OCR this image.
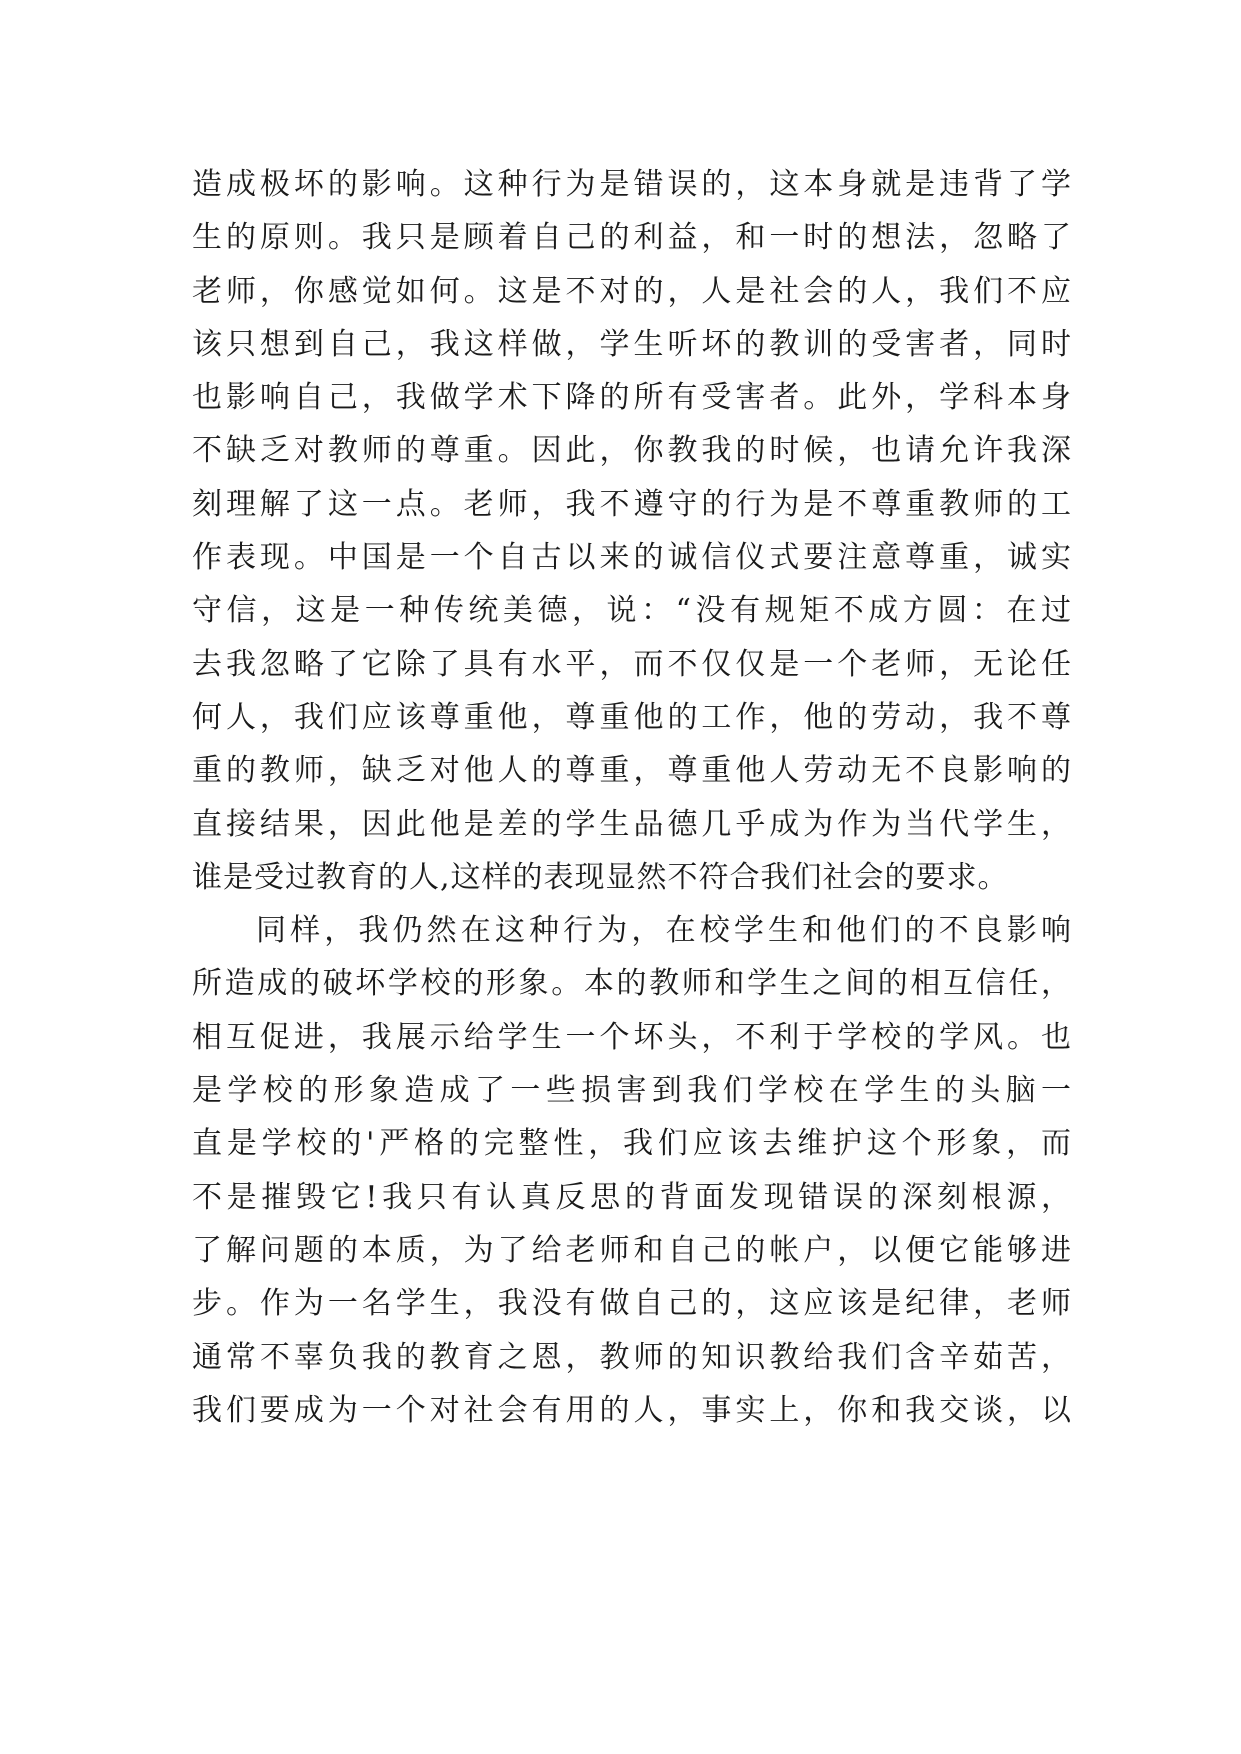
造成极坏的影响。这种行为是错误的，这本身就是违背了学
生的原则。我只是顾着自己的利益，和一时的想法，忽略了
老师，你感觉如何。这是不对的，人是社会的人，我们不应
该只想到自己，我这样做，学生听坏的教训的受害者，同时
也影响自己，我做学术下降的所有受害者。此外，学科本身
不缺乏对教师的尊重。因此，你教我的时候，也请允许我深
刻理解了这一点。老师，我不遵守的行为是不尊重教师的工
作表现。中国是一个自古以来的诚信仪式要注意尊重，诚实
守信，这是一种传统美德，说：“没有规矩不成方圆：在过
去我忽略了它除了具有水平，而不仅仅是一个老师，无论任
何人，我们应该尊重他，尊重他的工作，他的劳动，我不尊
重的教师，缺乏对他人的尊重，尊重他人劳动无不良影响的
直接结果，因此他是差的学生品德几乎成为作为当代学生，
谁是受过教育的人,这样的表现显然不符合我们社会的要求。
同样，我仍然在这种行为，在校学生和他们的不良影响
所造成的破坏学校的形象。本的教师和学生之间的相互信任，
相互促进，我展示给学生一个坏头，不利于学校的学风。也
是学校的形象造成了一些损害到我们学校在学生的头脑一
直是学校的'严格的完整性，我们应该去维护这个形象，而
不是摧毁它!我只有认真反思的背面发现错误的深刻根源，
了解问题的本质，为了给老师和自己的帐户，以便它能够进
步。作为一名学生，我没有做自己的，这应该是纪律，老师
通常不辜负我的教育之恩，教师的知识教给我们含辛茹苦，
我们要成为一个对社会有用的人，事实上，你和我交谈，以
